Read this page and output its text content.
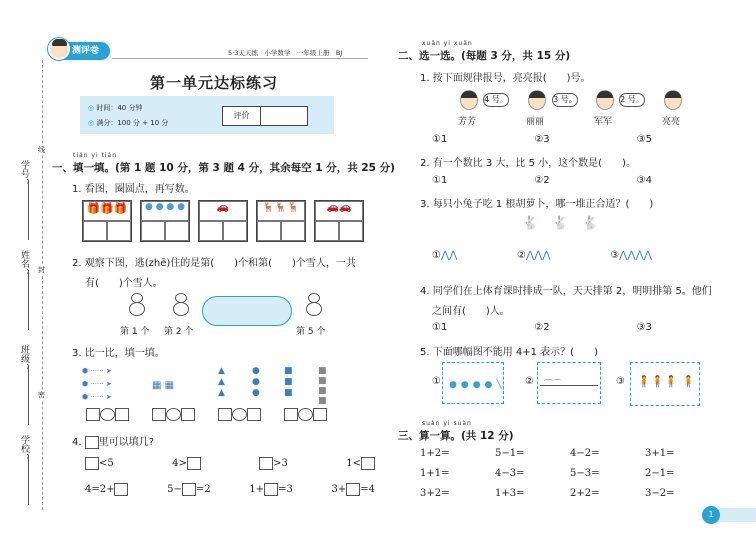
学号：
姓名：
班级：
学校：
线
封
密
测评卷	5·3天天练　小学数学　一年级上册　BJ
第一单元达标练习
◎ 时间：40 分钟
◎ 满分：100 分 + 10 分
评价
tián yi tián
一、填一填。(第 1 题 10 分，第 3 题 4 分，其余每空 1 分，共 25 分)
1. 看图，圈圆点，再写数。
🎁🎁🎁	● ● ● ●	🚗	🦌🦌🦌	🚗🚗
2. 观察下图，逃(zhē)住的是第(　　)个和第(　　)个雪人，一共
有(　　)个雪人。
第 1 个 第 2 个	第 5 个
3. 比一比，填一填。
⬢ ······ ➤
⬢ ······ ➤
⬢ ······ ➤
▦ ▦
▲
▲
▲
●
●
●
■
■
■
■
■
■
■
4. 里可以填几?
<5	4>	>3	1<
4=2+	5− =2	1+ =3	3+ =4
xuǎn yi xuǎn
二、选一选。(每题 3 分，共 15 分)
1. 按下面规律报号，亮亮报(　　)号。
4 号。	3 号。	2 号。
芳芳	丽丽	军军	亮亮
①1	②3	③5
2. 有一个数比 3 大，比 5 小，这个数是(　　)。
①1	②2	③4
3. 每只小兔子吃 1 根胡萝卜，哪一堆正合适？(　　)
🐇🐇🐇
①⋀⋀	②⋀⋀⋀	③⋀⋀⋀⋀
4. 同学们在上体育课时排成一队，天天排第 2，明明排第 5。他们
之间有(　　)人。
①1	②2	③3
5. 下面哪幅图不能用 4+1 表示？(　　)
① ●●●●╲ ② ⌒⌒	③ 🧍🧍🧍 🧍
suàn yi suàn
三、算一算。(共 12 分)
1+2=	5−1=	4−2=	3+1=
1+1=	4−3=	5−3=	2−1=
3+2=	1+3=	2+2=	3−2=
1
